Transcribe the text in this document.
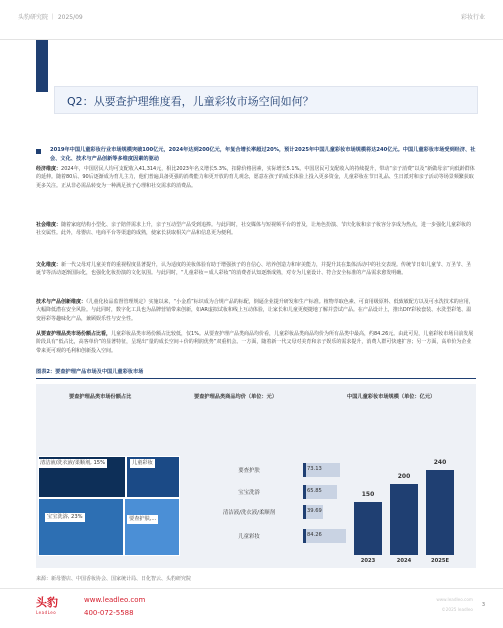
头豹研究院 ｜ 2025/09	彩妆行业
Q2：从要查护理维度看，儿童彩妆市场空间如何？
2019年中国儿童彩妆行业市场规模突破100亿元，2024年达到200亿元，年复合增长率超过20%，预计2025年中国儿童彩妆市场规模将达240亿元。中国儿童彩妆市场受到经济、社会、文化、技术与产品创新等多维度因素的驱动
经济维度：2024年，中国居民人均可支配收入41,314元，相比2023年名义增长5.3%，扣除价格因素，实际增长5.1%。中国居民可支配收入的持续提升，带动“亲子消费”以及“新做母亲”向低龄群体的延伸。随着80后、90后逐渐成为育儿主力，他们普遍具备更强的消费能力和更开放的育儿观念，愿意在孩子的成长体验上投入更多资金，儿童彩妆在节日礼品、生日派对和亲子活动等场景频繁获取更多关注。正从非必需品转变为一种满足孩子心理和社交需求的消费品。
社会维度：随着家庭结构小型化、亲子陪伴需求上升，亲子互动型产品受到追捧。与此同时，社交媒体与短视频平台的普及，让角色扮演、节庆化妆和亲子妆容分享成为热点，进一步强化儿童彩妆的社交属性。此外，母婴店、电商平台等渠道的成熟，使家长获取相关产品和信息更为便利。
文化维度：新一代父母对儿童美育的重视程度显著提升，认为适度的美妆体验有助于增强孩子的自信心、培养创造力和审美能力，并提升其在集体活动中的社交表现。传统节日如儿童节、万圣节、圣诞节等活动逐渐国际化，也强化化妆扮演的文化氛围。与此同时，“儿童彩妆＝成人彩妆”的消费者认知逐渐成熟，对专为儿童设计、符合安全标准的产品需求愈发明确。
技术与产品创新维度：《儿童化妆品监督管理规定》实施以来，“小金盾”标识成为合规产品的标配，倒逼企业提升研发和生产标准。植物萃取色素、可食用级原料、低致敏配方以及可水洗技术的应用，大幅降低潜在安全风险。与此同时，数字化工具也为品牌营销带来创新，如AR虚拟试妆和线上互动体验，让家长和儿童更便捷地了解并尝试产品。在产品设计上，推出DIY彩妆套装、水洗型彩笔、温变唇彩等趣味化产品，兼顾娱乐性与安全性。
从要查护理品类市场份额占比看，儿童彩妆品类市场份额占比较低，仅1%。从要查护理产品类商品均价看，儿童彩妆品类商品均价为所有品类中最高，约84.26元。由此可见，儿童彩妆市场目前发展阶段具有“低占比，高客单价”的显著特征，呈现出“量的成长空间＋价的利润优势”双重机会。一方面，随着新一代父母对美育和亲子娱乐的需求提升，消费人群可快速扩容；另一方面，高单价为企业带来更可观的毛利和创新投入空间。
图表2：要查护理产品市场及中国儿童彩妆市场
要查护理品类市场份额占比	要查护理品类商品均价（单位：元）	中国儿童彩妆市场规模（单位：亿元）
清洁液/洗衣液/柔顺剂, 15%	儿童彩妆
宝宝洗浴, 23%	要查护肤,...
要查护肤	73.13
宝宝洗浴	65.85
清洁液/洗衣液/柔顺剂	39.69
儿童彩妆	84.26
150
2023
200
2024
240
2025E
来源：新母婴店、中国香妆协会、国家统计局、日化智云、头豹研究院
头豹
LeadLeo
www.leadleo.com
400-072-5588
www.leadleo.com
©2025 leadleo
3
